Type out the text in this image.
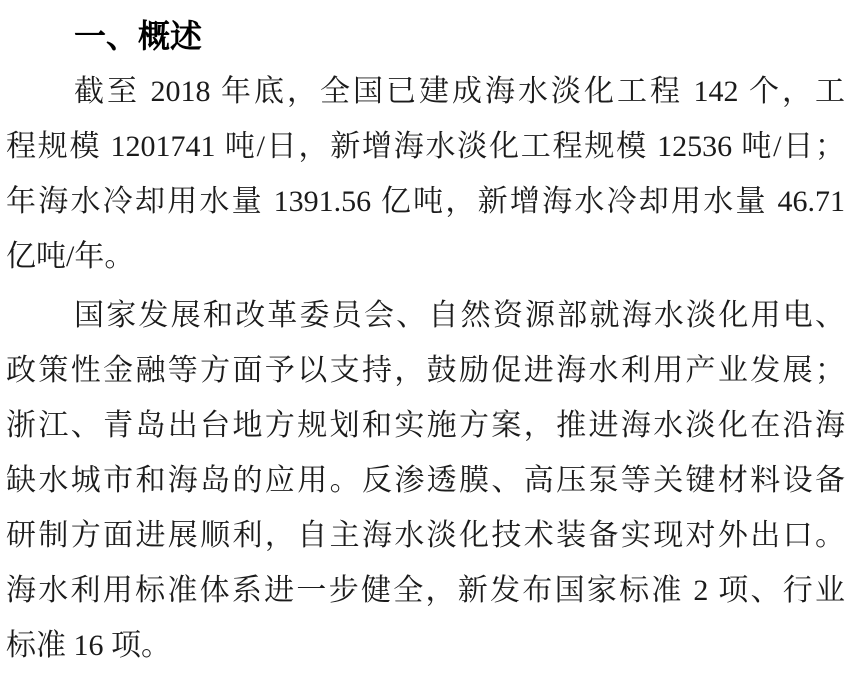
一、概述
截至 2018 年底，全国已建成海水淡化工程 142 个，工
程规模 1201741 吨/日，新增海水淡化工程规模 12536 吨/日；
年海水冷却用水量 1391.56 亿吨，新增海水冷却用水量 46.71
亿吨/年。
国家发展和改革委员会、自然资源部就海水淡化用电、
政策性金融等方面予以支持，鼓励促进海水利用产业发展；
浙江、青岛出台地方规划和实施方案，推进海水淡化在沿海
缺水城市和海岛的应用。反渗透膜、高压泵等关键材料设备
研制方面进展顺利，自主海水淡化技术装备实现对外出口。
海水利用标准体系进一步健全，新发布国家标准 2 项、行业
标准 16 项。
